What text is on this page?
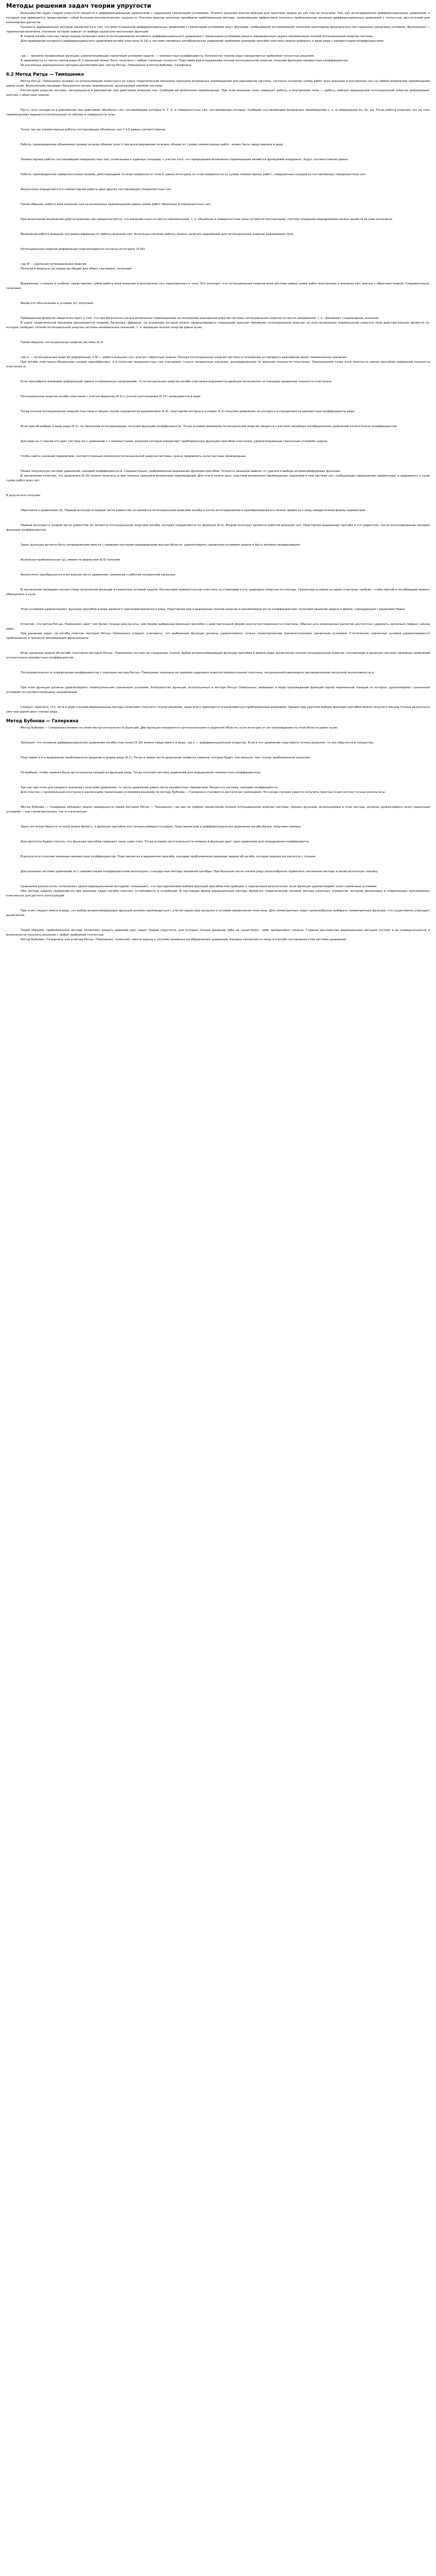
Методы решения задач теории упругости

Большинство задач теории упругости сводится к дифференциальным уравнениям с заданными граничными условиями. Точного решения многие важные для практики задачи до сих пор не получили. Так, нет интегрирования дифференциальных уравнений, к которым они приводятся, представляют собой большие математические трудности. Поэтому важное значение приобрели приближенные методы, позволяющие эффективно получать приближенные решения дифференциальных уравнений с точностью, достаточной для инженерных расчетов.

Сущность вариационных методов заключается в том, что вместо решения дифференциальных уравнений с граничными условиями ищут функцию, сообщающую экстремальное значение некоторому функционалу при заданных граничных условиях. Функционал — переменная величина, значение которой зависит от выбора одной или нескольких функций.

В теории изгиба пластин такой подход позволяет вместо интегрирования основного дифференциального уравнения с граничными условиями решать вариационную задачу минимизации полной потенциальной энергии системы.

Для приведения основного дифференциального уравнения изгиба пластины (5.16) к системе линейных алгебраических уравнений требуемое значение прогиба пластины можно выбирать в виде ряда с неизвестными коэффициентами.

где — линейно независимые функции, удовлетворяющие граничным условиям задачи; — неизвестные коэффициенты. Количество членов ряда определяется требуемой точностью решения.

В зависимости от числа членов ряда (6.1) решение может быть получено с любой степенью точности. Подставив ряд в выражение полной потенциальной энергии, получим функцию неизвестных коэффициентов.

Из различных вариационных методов рассмотрим два: метод Ритца—Тимошенко и метод Бубнова—Галеркина.

6.2 Метод Ритца — Тимошенко

Метод Ритца—Тимошенко основан на использовании известного из курса теоретической механики принципа возможных перемещений для равновесия системы, согласно которому сумма работ всех внешних и внутренних сил на любом возможном перемещении равна нулю. Возможными называют бесконечно малые перемещения, допускаемые связями системы.

Рассмотрим упругую систему, находящуюся в равновесии под действием внешних сил. Сообщим ей возможное перемещение. При этом внешние силы совершат работу, а внутренние силы — работу, равную приращению потенциальной энергии деформации, взятому с обратным знаком.

Пусть тело находится в равновесии под действием объемных сил, составляющие которых X, Y, Z, и поверхностных сил, составляющие которых. Сообщим составляющим возможных перемещений u, v, w приращения δu, δv, δw. Тогда работа внешних сил на этих перемещениях выразится интегралами по объему и поверхности тела.

Точно так же элементарные работы составляющих объемных сил Y и Z равны соответственно

Работа, произведенная объемными силами на всем объеме тела V при интегрировании по всему объему от суммы элементарных работ, может быть представлена в виде

Элементарные работы составляющей поверхностных сил, отнесенные к единице площади, с учетом того, что приращения возможных перемещений являются функциями координат, будут соответственно равны

Работа, произведенная поверхностными силами, действующими по всей поверхности тела S, равна интегралу по этой поверхности от суммы элементарных работ, совершенных каждой из составляющих поверхностных сил:

Аналогично определяется и элементарная работа двух других составляющих поверхностных сил.

Таким образом, работа всех внешних сил на возможных перемещениях равна сумме работ объемных и поверхностных сил:

При вычислении возможной работы внешних сил предполагается, что внешние силы остаются неизменными, т. е. объемные и поверхностные силы остаются постоянными, поэтому операцию варьирования можно вынести за знак интеграла:

Возможная работа внешних сил равна вариации от работы внешних сил. Используя понятие работы, можно записать выражение для потенциальной энергии деформации тела:

Потенциальная энергия деформации подсчитывается согласно интегралу (3.20):

где W — удельная потенциальная энергия.

Полагая в формуле (а) оператор общим для обеих слагаемых, получаем

Выражение, стоящее в скобках, представляет собой работу всех внешних и внутренних сил, приложенных к телу. Это означает, что потенциальная энергия всей системы равна сумме работ внутренних и внешних сил, взятых с обратным знаком. Следовательно, получаем

Вводя это обозначение в условие (е), получаем

Приведенная формула свидетельствует о том, что при бесконечно малых возможных перемещениях из положения равновесия упругой системы потенциальная энергия остается неизменной, т. е. принимает стационарное значение.

В курсе теоретической механики доказывается теорема Лагранжа—Дирихле, на основании которой можно сформулировать следующий принцип минимума потенциальной энергии: из всех возможных перемещений упругого тела действительным является то, которое сообщает полной потенциальной энергии системы минимальное значение, т. е. вариация полной энергии равна нулю.

Таким образом, потенциальная энергия системы (6.2)

где U — потенциальная энергия деформации, а W — работа внешних сил, взятая с обратным знаком. Полная потенциальная энергия системы в положении устойчивого равновесия имеет минимальное значение.

При изгибе пластинки объемными силами пренебрегают, а в качестве поверхностных сил учитывают только поперечную нагрузку, распределенную по верхней плоскости пластинки. Перемещения точек этой плоскости равны прогибам срединной плоскости пластинки w.

Если пренебречь влиянием деформаций сдвига и нормальных напряжений, то потенциальная энергия изгиба пластинки выражается двойным интегралом по площади срединной плоскости пластинки:

Потенциальная энергия изгиба пластинки с учетом формулы (6.2) с учетом соотношения (5.17) записывается в виде

Тогда полная потенциальная энергия пластины в общем случае определится выражением (6.4), подставляя которое в условие (6.3) получим уравнение, из которого и определяются неизвестные коэффициенты ряда.

Если прогиб выбран в виде ряда (6.1), то, выполнив интегрирование, получим функцию коэффициентов. Тогда условие минимума потенциальной энергии сводится к системе линейных алгебраических уравнений относительно коэффициентов:

Для ряда из n членов это дает систему из n уравнений с n неизвестными, решение которой определяет приближенную функцию прогибов пластинки, удовлетворяющую граничным условиям задачи.

Чтобы найти значения параметров, соответствующих минимуму потенциальной энергии системы, нужно приравнять нулю частные производные:

Решая полученную систему уравнений, находим коэффициенты и, следовательно, приближенное выражение функции прогибов. Точность решения зависит от удачного выбора аппроксимирующих функций.

В заключение отметим, что уравнения (6.10) можно получить и при помощи принципа возможных перемещений. Для этого нужно дать пластине возможное перемещение, приложив к ней систему сил, сообщающих приращения параметрам, и приравнять к нулю сумму работ всех сил.

В результате получим

Обратимся к уравнению (d). Первый интеграл в правой части равенства (е) является потенциальной энергией изгиба и после интегрирования и преобразования его можно привести к виду квадратичной формы параметров.

Первый интеграл в правой части равенства (е) является потенциальной энергией изгиба, которая определяется по формуле (6.5). Второй интеграл является работой внешних сил. Подставляя выражение прогиба в это равенство, после интегрирования находим функцию коэффициентов.

Здесь функции должны быть непрерывными вместе с первыми частными производными внутри области, удовлетворять граничным условиям задачи и быть линейно независимыми.

Используя приближенную (g), имеем по формулам (6.5) получим

Аналогично преобразуется и остальная часть уравнения, связанная с работой поперечной нагрузки.

В заключение проверим соответствие полученной функции и граничных условий задачи. Рассмотрим прямоугольную пластину со сторонами a и b, шарнирно опертую по контуру. Граничные условия на краях пластины требуют, чтобы прогиб и изгибающий момент обращались в нуль.

Этим условиям удовлетворяет функция прогибов в виде двойного тригонометрического ряда. Подставляя ряд в выражение полной энергии и минимизируя ее по коэффициентам, получаем решение задачи в форме, совпадающей с решением Навье.

Отметим, что метод Ритца—Тимошенко дает тем более точные результаты, чем ближе выбранная функция прогибов к действительной форме изогнутой поверхности пластины. Обычно для инженерных расчетов достаточно удержать несколько первых членов ряда.

При решении задач по изгибу пластин методом Ритца—Тимошенко следует учитывать, что выбранные функции должны удовлетворять только геометрическим (кинематическим) граничным условиям. Статические граничные условия удовлетворяются приближенно в процессе минимизации функционала.

Итак, решение задачи об изгибе пластинки методом Ритца—Тимошенко состоит из следующих этапов: выбор аппроксимирующей функции прогибов в форме ряда; вычисление полной потенциальной энергии; составление и решение системы линейных уравнений относительно неизвестных коэффициентов.

Последовательность определения коэффициентов с помощью метода Ритца—Тимошенко показана на примере шарнирно опертой прямоугольной пластины, нагруженной равномерно распределенной нагрузкой интенсивности q:

При этом функции должны удовлетворять геометрическим граничным условиям. Большинство функций, используемых в методе Ритца—Тимошенко, выбирают в виде произведений функций одной переменной, каждая из которых удовлетворяет граничным условиям по соответствующему направлению.

Следует заметить, что, хотя в ряде случаев вариационные методы позволяют получить точное решение, чаще всего приходится ограничиваться приближенным решением. Однако при удачном выборе функции прогибов можно получить весьма точные результаты уже при одном-двух членах ряда.

Метод Бубнова — Галеркина

Метод Бубнова — Галеркина основан на свойстве ортогональности функций. Две функции называются ортогональными в заданной области, если интеграл от их произведения по этой области равен нулю.

Запишем, что основное дифференциальное уравнение изгиба пластинки (5.16) можно представить в виде, где L — дифференциальный оператор. Если в это уравнение подставить точное решение, то оно обратится в тождество.

Подставим в это выражение приближенное решение в форме ряда (6.1). Тогда в левой части уравнения появится невязка, которая будет тем меньше, чем точнее приближенное решение.

Потребуем, чтобы невязка была ортогональна каждой из функций ряда. Тогда получим систему уравнений для определения неизвестных коэффициентов:

Так как при этом для каждого значения i получаем уравнение, то число уравнений равно числу неизвестных параметров. Решая эту систему, находим коэффициенты.

Для пластин с произвольным контуром и различными граничными условиями решение по методу Бубнова — Галеркина становится достаточно громоздким. Но в ряде случаев удается получить простые и достаточно точные результаты.

Метод Бубнова — Галеркина обладает рядом преимуществ перед методом Ритца — Тимошенко, так как не требует вычисления полной потенциальной энергии системы. Однако функции, используемые в этом методе, должны удовлетворять всем граничным условиям — как геометрическим, так и статическим.

Здесь интеграл берется по всей длине балки L, а функция прогибов w(x) аппроксимируется рядом. Подставляя ряд в дифференциальное уравнение изгиба балки, получаем невязку.

Для простоты будем считать, что функция прогибов содержит лишь один член. Тогда условие ортогональности невязки к функции дает одно уравнение для определения коэффициента.

В результате получим значения неизвестных коэффициентов. Подставляя их в выражение прогиба, находим приближенное решение задачи об изгибе, которое хорошо согласуется с точным.

Для решения системы уравнений (е) с неизвестными коэффициентами используют стандартные методы линейной алгебры. При большом числе членов ряда целесообразно применять численные методы и вычислительную технику.

Сравнение результатов, полученных двумя вариационными методами, показывает, что при одинаковом выборе функций прогибов они приводят к одинаковым результатам, если функции удовлетворяют всем граничным условиям.

Оба метода широко применяются при решении задач изгиба пластин, устойчивости и колебаний. В настоящее время вариационные методы являются теоретической основой метода конечных элементов, который реализован в современных программных комплексах для расчета конструкций.

При этом следует иметь в виду, что выбор аппроксимирующих функций должен производиться с учетом характера нагрузки и условий закрепления пластины. Для симметричных задач целесообразно выбирать симметричные функции, что существенно упрощает вычисления.

Таким образом, приближенные методы позволяют решать широкий круг задач теории упругости, для которых точные решения либо не существуют, либо чрезвычайно сложны. Главное достоинство вариационных методов состоит в их универсальности и возможности получать решения с любой требуемой точностью.

Метод Бубнова—Галеркина, как и метод Ритца—Тимошенко, позволяет свести задачу к системе линейных алгебраических уравнений. Разница заключается лишь в способе составления этой системы уравнений.
